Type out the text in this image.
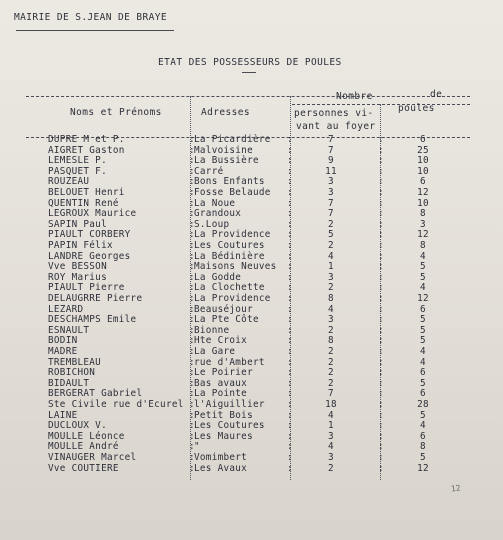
MAIRIE DE S.JEAN DE BRAYE
ETAT DES POSSESSEURS DE POULES
Noms et Prénoms	Adresses
Nombre	de
personnes vi-
vant au foyer
poules
DUPRE M et P.	La Picardière	7	6
:	:	:
AIGRET Gaston	Malvoisine	7	25
:	:	:
LEMESLE P.	La Bussière	9	10
:	:	:
PASQUET F.	Carré	11	10
:	:	:
ROUZEAU	Bons Enfants	3	6
:	:	:
BELOUET Henri	Fosse Belaude	3	12
:	:	:
QUENTIN René	La Noue	7	10
:	:	:
LEGROUX Maurice	Grandoux	7	8
:	:	:
SAPIN Paul	S.Loup	2	3
:	:	:
PIAULT CORBERY	La Providence	5	12
:	:	:
PAPIN Félix	Les Coutures	2	8
:	:	:
LANDRE Georges	La Bédinière	4	4
:	:	:
Vve BESSON	Maisons Neuves	1	5
:	:	:
ROY Marius	La Godde	3	5
:	:	:
PIAULT Pierre	La Clochette	2	4
:	:	:
DELAUGRRE Pierre	La Providence	8	12
:	:	:
LEZARD	Beauséjour	4	6
:	:	:
DESCHAMPS Emile	La Pte Côte	3	5
:	:	:
ESNAULT	Bionne	2	5
:	:	:
BODIN	Hte Croix	8	5
:	:	:
MADRE	La Gare	2	4
:	:	:
TREMBLEAU	rue d'Ambert	2	4
:	:	:
ROBICHON	Le Poirier	2	6
:	:	:
BIDAULT	Bas avaux	2	5
:	:	:
BERGERAT Gabriel	La Pointe	7	6
:	:	:
Ste Civile rue d'Ecurel l'Aiguillier	18	28
:	:	:
LAINE	Petit Bois	4	5
:	:	:
DUCLOUX V.	Les Coutures	1	4
:	:	:
MOULLE Léonce	Les Maures	3	6
:	:	:
MOULLE André	"	4	8
:	:	:
VINAUGER Marcel	Vomimbert	3	5
:	:	:
Vve COUTIERE	Les Avaux	2	12
:	:	:
12
